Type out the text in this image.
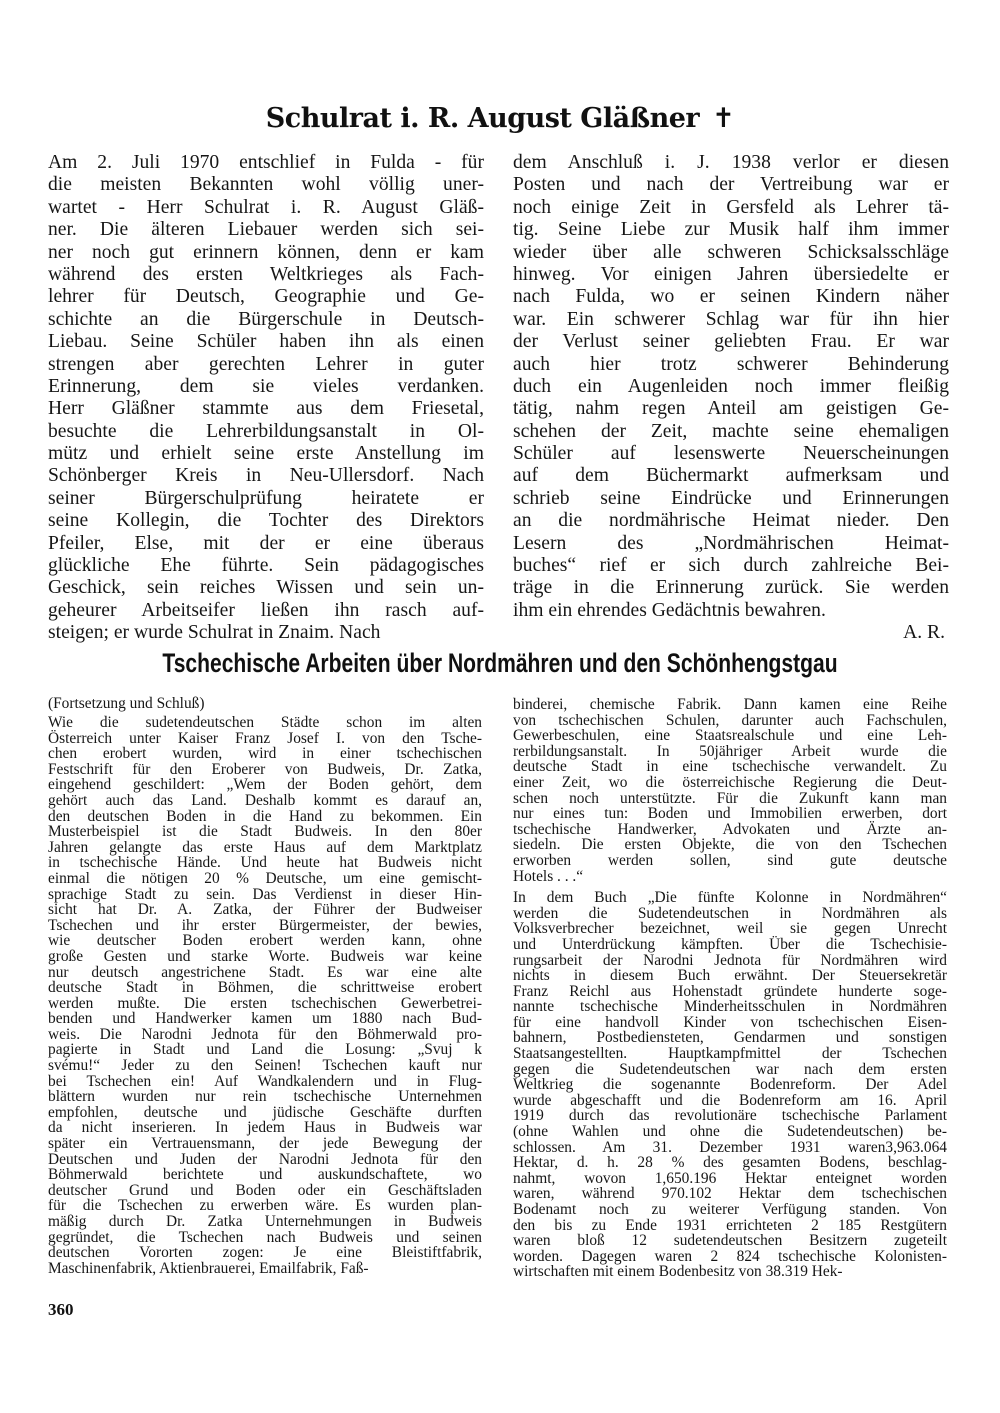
Schulrat i. R. August Gläßner ✝
Am 2. Juli 1970 entschlief in Fulda - für
die meisten Bekannten wohl völlig uner-
wartet - Herr Schulrat i. R. August Gläß-
ner. Die älteren Liebauer werden sich sei-
ner noch gut erinnern können, denn er kam
während des ersten Weltkrieges als Fach-
lehrer für Deutsch, Geographie und Ge-
schichte an die Bürgerschule in Deutsch-
Liebau. Seine Schüler haben ihn als einen
strengen aber gerechten Lehrer in guter
Erinnerung, dem sie vieles verdanken.
Herr Gläßner stammte aus dem Friesetal,
besuchte die Lehrerbildungsanstalt in Ol-
mütz und erhielt seine erste Anstellung im
Schönberger Kreis in Neu-Ullersdorf. Nach
seiner Bürgerschulprüfung heiratete er
seine Kollegin, die Tochter des Direktors
Pfeiler, Else, mit der er eine überaus
glückliche Ehe führte. Sein pädagogisches
Geschick, sein reiches Wissen und sein un-
geheurer Arbeitseifer ließen ihn rasch auf-
steigen; er wurde Schulrat in Znaim. Nach
dem Anschluß i. J. 1938 verlor er diesen
Posten und nach der Vertreibung war er
noch einige Zeit in Gersfeld als Lehrer tä-
tig. Seine Liebe zur Musik half ihm immer
wieder über alle schweren Schicksalsschläge
hinweg. Vor einigen Jahren übersiedelte er
nach Fulda, wo er seinen Kindern näher
war. Ein schwerer Schlag war für ihn hier
der Verlust seiner geliebten Frau. Er war
auch hier trotz schwerer Behinderung
duch ein Augenleiden noch immer fleißig
tätig, nahm regen Anteil am geistigen Ge-
schehen der Zeit, machte seine ehemaligen
Schüler auf lesenswerte Neuerscheinungen
auf dem Büchermarkt aufmerksam und
schrieb seine Eindrücke und Erinnerungen
an die nordmährische Heimat nieder. Den
Lesern des „Nordmährischen Heimat-
buches“ rief er sich durch zahlreiche Bei-
träge in die Erinnerung zurück. Sie werden
ihm ein ehrendes Gedächtnis bewahren.
A. R.
Tschechische Arbeiten über Nordmähren und den Schönhengstgau
(Fortsetzung und Schluß)
Wie die sudetendeutschen Städte schon im alten
Österreich unter Kaiser Franz Josef I. von den Tsche-
chen erobert wurden, wird in einer tschechischen
Festschrift für den Eroberer von Budweis, Dr. Zatka,
eingehend geschildert: „Wem der Boden gehört, dem
gehört auch das Land. Deshalb kommt es darauf an,
den deutschen Boden in die Hand zu bekommen. Ein
Musterbeispiel ist die Stadt Budweis. In den 80er
Jahren gelangte das erste Haus auf dem Marktplatz
in tschechische Hände. Und heute hat Budweis nicht
einmal die nötigen 20 % Deutsche, um eine gemischt-
sprachige Stadt zu sein. Das Verdienst in dieser Hin-
sicht hat Dr. A. Zatka, der Führer der Budweiser
Tschechen und ihr erster Bürgermeister, der bewies,
wie deutscher Boden erobert werden kann, ohne
große Gesten und starke Worte. Budweis war keine
nur deutsch angestrichene Stadt. Es war eine alte
deutsche Stadt in Böhmen, die schrittweise erobert
werden mußte. Die ersten tschechischen Gewerbetrei-
benden und Handwerker kamen um 1880 nach Bud-
weis. Die Narodni Jednota für den Böhmerwald pro-
pagierte in Stadt und Land die Losung: „Svuj k
svému!“ Jeder zu den Seinen! Tschechen kauft nur
bei Tschechen ein! Auf Wandkalendern und in Flug-
blättern wurden nur rein tschechische Unternehmen
empfohlen, deutsche und jüdische Geschäfte durften
da nicht inserieren. In jedem Haus in Budweis war
später ein Vertrauensmann, der jede Bewegung der
Deutschen und Juden der Narodni Jednota für den
Böhmerwald berichtete und auskundschaftete, wo
deutscher Grund und Boden oder ein Geschäftsladen
für die Tschechen zu erwerben wäre. Es wurden plan-
mäßig durch Dr. Zatka Unternehmungen in Budweis
gegründet, die Tschechen nach Budweis und seinen
deutschen Vororten zogen: Je eine Bleistiftfabrik,
Maschinenfabrik, Aktienbrauerei, Emailfabrik, Faß-
binderei, chemische Fabrik. Dann kamen eine Reihe
von tschechischen Schulen, darunter auch Fachschulen,
Gewerbeschulen, eine Staatsrealschule und eine Leh-
rerbildungsanstalt. In 50jähriger Arbeit wurde die
deutsche Stadt in eine tschechische verwandelt. Zu
einer Zeit, wo die österreichische Regierung die Deut-
schen noch unterstützte. Für die Zukunft kann man
nur eines tun: Boden und Immobilien erwerben, dort
tschechische Handwerker, Advokaten und Ärzte an-
siedeln. Die ersten Objekte, die von den Tschechen
erworben werden sollen, sind gute deutsche
Hotels . . .“
In dem Buch „Die fünfte Kolonne in Nordmähren“
werden die Sudetendeutschen in Nordmähren als
Volksverbrecher bezeichnet, weil sie gegen Unrecht
und Unterdrückung kämpften. Über die Tschechisie-
rungsarbeit der Narodni Jednota für Nordmähren wird
nichts in diesem Buch erwähnt. Der Steuersekretär
Franz Reichl aus Hohenstadt gründete hunderte soge-
nannte tschechische Minderheitsschulen in Nordmähren
für eine handvoll Kinder von tschechischen Eisen-
bahnern, Postbediensteten, Gendarmen und sonstigen
Staatsangestellten. Hauptkampfmittel der Tschechen
gegen die Sudetendeutschen war nach dem ersten
Weltkrieg die sogenannte Bodenreform. Der Adel
wurde abgeschafft und die Bodenreform am 16. April
1919 durch das revolutionäre tschechische Parlament
(ohne Wahlen und ohne die Sudetendeutschen) be-
schlossen. Am 31. Dezember 1931 waren3,963.064
Hektar, d. h. 28 % des gesamten Bodens, beschlag-
nahmt, wovon 1,650.196 Hektar enteignet worden
waren, während 970.102 Hektar dem tschechischen
Bodenamt noch zu weiterer Verfügung standen. Von
den bis zu Ende 1931 errichteten 2 185 Restgütern
waren bloß 12 sudetendeutschen Besitzern zugeteilt
worden. Dagegen waren 2 824 tschechische Kolonisten-
wirtschaften mit einem Bodenbesitz von 38.319 Hek-
360
